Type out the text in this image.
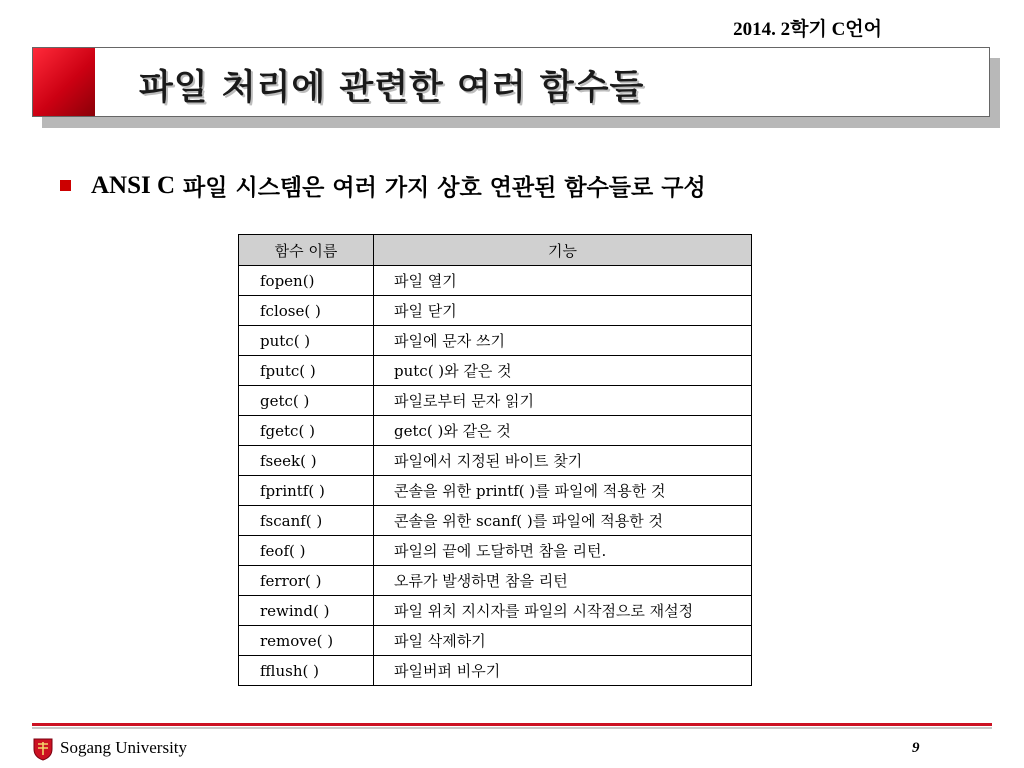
2014. 2학기 C언어
파일 처리에 관련한 여러 함수들
ANSI C 파일 시스템은 여러 가지 상호 연관된 함수들로 구성
함수 이름	기능
fopen()	파일 열기
fclose( )	파일 닫기
putc( )	파일에 문자 쓰기
fputc( )	putc( )와 같은 것
getc( )	파일로부터 문자 읽기
fgetc( )	getc( )와 같은 것
fseek( )	파일에서 지정된 바이트 찾기
fprintf( )	콘솔을 위한 printf( )를 파일에 적용한 것
fscanf( )	콘솔을 위한 scanf( )를 파일에 적용한 것
feof( )	파일의 끝에 도달하면 참을 리턴.
ferror( )	오류가 발생하면 참을 리턴
rewind( )	파일 위치 지시자를 파일의 시작점으로 재설정
remove( )	파일 삭제하기
fflush( )	파일버퍼 비우기
Sogang University	9
